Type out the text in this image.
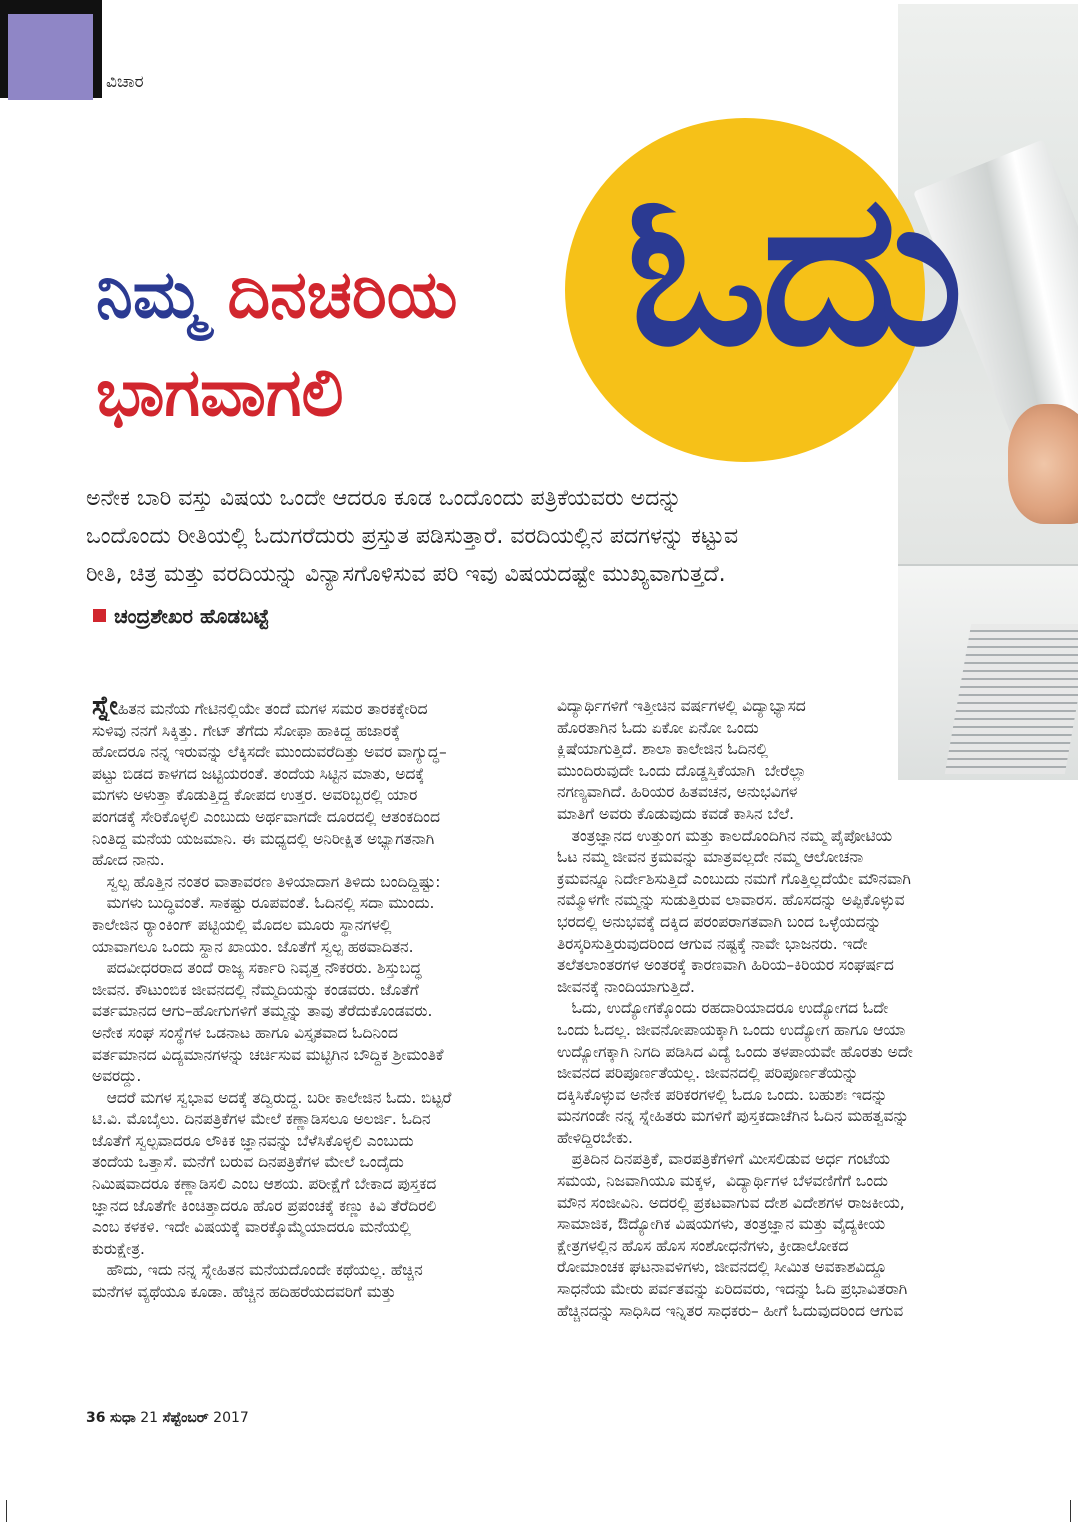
ವಿಚಾರ
ಓದು
ನಿಮ್ಮ ದಿನಚರಿಯ
ಭಾಗವಾಗಲಿ

ಅನೇಕ ಬಾರಿ ವಸ್ತು ವಿಷಯ ಒಂದೇ ಆದರೂ ಕೂಡ ಒಂದೊಂದು ಪತ್ರಿಕೆಯವರು ಅದನ್ನು

ಒಂದೊಂದು ರೀತಿಯಲ್ಲಿ ಓದುಗರೆದುರು ಪ್ರಸ್ತುತ ಪಡಿಸುತ್ತಾರೆ. ವರದಿಯಲ್ಲಿನ ಪದಗಳನ್ನು ಕಟ್ಟುವ

ರೀತಿ, ಚಿತ್ರ ಮತ್ತು ವರದಿಯನ್ನು ವಿನ್ಯಾಸಗೊಳಿಸುವ ಪರಿ ಇವು ವಿಷಯದಷ್ಟೇ ಮುಖ್ಯವಾಗುತ್ತದೆ.

ಚಂದ್ರಶೇಖರ ಹೊಡಬಟ್ಟೆ
ಸ್ನೇಹಿತನ ಮನೆಯ ಗೇಟಿನಲ್ಲಿಯೇ ತಂದೆ ಮಗಳ ಸಮರ ತಾರಕಕ್ಕೇರಿದ
ಸುಳಿವು ನನಗೆ ಸಿಕ್ಕಿತ್ತು. ಗೇಟ್ ತೆಗೆದು ಸೋಫಾ ಹಾಕಿದ್ದ ಹಜಾರಕ್ಕೆ
ಹೋದರೂ ನನ್ನ ಇರುವನ್ನು ಲೆಕ್ಕಿಸದೇ ಮುಂದುವರೆದಿತ್ತು ಅವರ ವಾಗ್ಯುದ್ಧ–
ಪಟ್ಟು ಬಿಡದ ಕಾಳಗದ ಜಟ್ಟಿಯರಂತೆ. ತಂದೆಯ ಸಿಟ್ಟಿನ ಮಾತು, ಅದಕ್ಕೆ
ಮಗಳು ಅಳುತ್ತಾ ಕೊಡುತ್ತಿದ್ದ ಕೋಪದ ಉತ್ತರ. ಅವರಿಬ್ಬರಲ್ಲಿ ಯಾರ
ಪಂಗಡಕ್ಕೆ ಸೇರಿಕೊಳ್ಳಲಿ ಎಂಬುದು ಅರ್ಥವಾಗದೇ ದೂರದಲ್ಲಿ ಆತಂಕದಿಂದ
ನಿಂತಿದ್ದ ಮನೆಯ ಯಜಮಾನಿ. ಈ ಮಧ್ಯದಲ್ಲಿ ಅನಿರೀಕ್ಷಿತ ಅಭ್ಯಾಗತನಾಗಿ
ಹೋದ ನಾನು.
ಸ್ವಲ್ಪ ಹೊತ್ತಿನ ನಂತರ ವಾತಾವರಣ ತಿಳಿಯಾದಾಗ ತಿಳಿದು ಬಂದಿದ್ದಿಷ್ಟು:
ಮಗಳು ಬುದ್ಧಿವಂತೆ. ಸಾಕಷ್ಟು ರೂಪವಂತೆ. ಓದಿನಲ್ಲಿ ಸದಾ ಮುಂದು.
ಕಾಲೇಜಿನ ರ‍್ಯಾಂಕಿಂಗ್ ಪಟ್ಟಿಯಲ್ಲಿ ಮೊದಲ ಮೂರು ಸ್ಥಾನಗಳಲ್ಲಿ
ಯಾವಾಗಲೂ ಒಂದು ಸ್ಥಾನ ಖಾಯಂ. ಜೊತೆಗೆ ಸ್ವಲ್ಪ ಹಠವಾದಿತನ.
ಪದವೀಧರರಾದ ತಂದೆ ರಾಜ್ಯ ಸರ್ಕಾರಿ ನಿವೃತ್ತ ನೌಕರರು. ಶಿಸ್ತುಬದ್ಧ
ಜೀವನ. ಕೌಟುಂಬಿಕ ಜೀವನದಲ್ಲಿ ನೆಮ್ಮದಿಯನ್ನು ಕಂಡವರು. ಜೊತೆಗೆ
ವರ್ತಮಾನದ ಆಗು–ಹೋಗುಗಳಿಗೆ ತಮ್ಮನ್ನು ತಾವು ತೆರೆದುಕೊಂಡವರು.
ಅನೇಕ ಸಂಘ ಸಂಸ್ಥೆಗಳ ಒಡನಾಟ ಹಾಗೂ ವಿಸ್ತೃತವಾದ ಓದಿನಿಂದ
ವರ್ತಮಾನದ ವಿದ್ಯಮಾನಗಳನ್ನು ಚರ್ಚಿಸುವ ಮಟ್ಟಿಗಿನ ಬೌದ್ಧಿಕ ಶ್ರೀಮಂತಿಕೆ
ಅವರದ್ದು.
ಆದರೆ ಮಗಳ ಸ್ವಭಾವ ಅದಕ್ಕೆ ತದ್ವಿರುದ್ಧ. ಬರೀ ಕಾಲೇಜಿನ ಓದು. ಬಿಟ್ಟರೆ
ಟಿ.ವಿ. ಮೊಬೈಲು. ದಿನಪತ್ರಿಕೆಗಳ ಮೇಲೆ ಕಣ್ಣಾಡಿಸಲೂ ಅಲರ್ಜಿ. ಓದಿನ
ಜೊತೆಗೆ ಸ್ವಲ್ಪವಾದರೂ ಲೌಕಿಕ ಜ್ಞಾನವನ್ನು ಬೆಳೆಸಿಕೊಳ್ಳಲಿ ಎಂಬುದು
ತಂದೆಯ ಒತ್ತಾಸೆ. ಮನೆಗೆ ಬರುವ ದಿನಪತ್ರಿಕೆಗಳ ಮೇಲೆ ಒಂದೈದು
ನಿಮಿಷವಾದರೂ ಕಣ್ಣಾಡಿಸಲಿ ಎಂಬ ಆಶಯ. ಪರೀಕ್ಷೆಗೆ ಬೇಕಾದ ಪುಸ್ತಕದ
ಜ್ಞಾನದ ಜೊತೆಗೇ ಕಿಂಚಿತ್ತಾದರೂ ಹೊರ ಪ್ರಪಂಚಕ್ಕೆ ಕಣ್ಣು ಕಿವಿ ತೆರೆದಿರಲಿ
ಎಂಬ ಕಳಕಳಿ. ಇದೇ ವಿಷಯಕ್ಕೆ ವಾರಕ್ಕೊಮ್ಮೆಯಾದರೂ ಮನೆಯಲ್ಲಿ
ಕುರುಕ್ಷೇತ್ರ.
ಹೌದು, ಇದು ನನ್ನ ಸ್ನೇಹಿತನ ಮನೆಯದೊಂದೇ ಕಥೆಯಲ್ಲ. ಹೆಚ್ಚಿನ
ಮನೆಗಳ ವ್ಯಥೆಯೂ ಕೂಡಾ. ಹೆಚ್ಚಿನ ಹದಿಹರೆಯದವರಿಗೆ ಮತ್ತು
ವಿದ್ಯಾರ್ಥಿಗಳಿಗೆ ಇತ್ತೀಚಿನ ವರ್ಷಗಳಲ್ಲಿ ವಿದ್ಯಾಭ್ಯಾಸದ
ಹೊರತಾಗಿನ ಓದು ಏಕೋ ಏನೋ ಒಂದು
ಕ್ಲಿಷೆಯಾಗುತ್ತಿದೆ. ಶಾಲಾ ಕಾಲೇಜಿನ ಓದಿನಲ್ಲಿ
ಮುಂದಿರುವುದೇ ಒಂದು ದೊಡ್ಡಸ್ತಿಕೆಯಾಗಿ  ಬೇರೆಲ್ಲಾ
ನಗಣ್ಯವಾಗಿದೆ. ಹಿರಿಯರ ಹಿತವಚನ, ಅನುಭವಿಗಳ
ಮಾತಿಗೆ ಅವರು ಕೊಡುವುದು ಕವಡೆ ಕಾಸಿನ ಬೆಲೆ.
ತಂತ್ರಜ್ಞಾನದ ಉತ್ತುಂಗ ಮತ್ತು ಕಾಲದೊಂದಿಗಿನ ನಮ್ಮ ಪೈಪೋಟಿಯ
ಓಟ ನಮ್ಮ ಜೀವನ ಕ್ರಮವನ್ನು ಮಾತ್ರವಲ್ಲದೇ ನಮ್ಮ ಆಲೋಚನಾ
ಕ್ರಮವನ್ನೂ ನಿರ್ದೇಶಿಸುತ್ತಿದೆ ಎಂಬುದು ನಮಗೆ ಗೊತ್ತಿಲ್ಲದೆಯೇ ಮೌನವಾಗಿ
ನಮ್ಮೊಳಗೇ ನಮ್ಮನ್ನು ಸುಡುತ್ತಿರುವ ಲಾವಾರಸ. ಹೊಸದನ್ನು ಅಪ್ಪಿಕೊಳ್ಳುವ
ಭರದಲ್ಲಿ ಅನುಭವಕ್ಕೆ ದಕ್ಕಿದ ಪರಂಪರಾಗತವಾಗಿ ಬಂದ ಒಳ್ಳೆಯದನ್ನು
ತಿರಸ್ಕರಿಸುತ್ತಿರುವುದರಿಂದ ಆಗುವ ನಷ್ಟಕ್ಕೆ ನಾವೇ ಭಾಜನರು. ಇದೇ
ತಲೆತಲಾಂತರಗಳ ಅಂತರಕ್ಕೆ ಕಾರಣವಾಗಿ ಹಿರಿಯ–ಕಿರಿಯರ ಸಂಘರ್ಷದ
ಜೀವನಕ್ಕೆ ನಾಂದಿಯಾಗುತ್ತಿದೆ.
ಓದು, ಉದ್ಯೋಗಕ್ಕೊಂದು ರಹದಾರಿಯಾದರೂ ಉದ್ಯೋಗದ ಓದೇ
ಒಂದು ಓದಲ್ಲ. ಜೀವನೋಪಾಯಕ್ಕಾಗಿ ಒಂದು ಉದ್ಯೋಗ ಹಾಗೂ ಆಯಾ
ಉದ್ಯೋಗಕ್ಕಾಗಿ ನಿಗದಿ ಪಡಿಸಿದ ವಿದ್ಯೆ ಒಂದು ತಳಪಾಯವೇ ಹೊರತು ಅದೇ
ಜೀವನದ ಪರಿಪೂರ್ಣತೆಯಲ್ಲ. ಜೀವನದಲ್ಲಿ ಪರಿಪೂರ್ಣತೆಯನ್ನು
ದಕ್ಕಿಸಿಕೊಳ್ಳುವ ಅನೇಕ ಪರಿಕರಗಳಲ್ಲಿ ಓದೂ ಒಂದು. ಬಹುಶಃ ಇದನ್ನು
ಮನಗಂಡೇ ನನ್ನ ಸ್ನೇಹಿತರು ಮಗಳಿಗೆ ಪುಸ್ತಕದಾಚೆಗಿನ ಓದಿನ ಮಹತ್ವವನ್ನು
ಹೇಳಿದ್ದಿರಬೇಕು.
ಪ್ರತಿದಿನ ದಿನಪತ್ರಿಕೆ, ವಾರಪತ್ರಿಕೆಗಳಿಗೆ ಮೀಸಲಿಡುವ ಅರ್ಧ ಗಂಟೆಯ
ಸಮಯ, ನಿಜವಾಗಿಯೂ ಮಕ್ಕಳ,  ವಿದ್ಯಾರ್ಥಿಗಳ ಬೆಳವಣಿಗೆಗೆ ಒಂದು
ಮೌನ ಸಂಜೀವಿನಿ. ಅದರಲ್ಲಿ ಪ್ರಕಟವಾಗುವ ದೇಶ ವಿದೇಶಗಳ ರಾಜಕೀಯ,
ಸಾಮಾಜಿಕ, ಔದ್ಯೋಗಿಕ ವಿಷಯಗಳು, ತಂತ್ರಜ್ಞಾನ ಮತ್ತು ವೈದ್ಯಕೀಯ
ಕ್ಷೇತ್ರಗಳಲ್ಲಿನ ಹೊಸ ಹೊಸ ಸಂಶೋಧನೆಗಳು, ಕ್ರೀಡಾಲೋಕದ
ರೋಮಾಂಚಕ ಘಟನಾವಳಿಗಳು, ಜೀವನದಲ್ಲಿ ಸೀಮಿತ ಅವಕಾಶವಿದ್ದೂ
ಸಾಧನೆಯ ಮೇರು ಪರ್ವತವನ್ನು ಏರಿದವರು, ಇದನ್ನು ಓದಿ ಪ್ರಭಾವಿತರಾಗಿ
ಹೆಚ್ಚಿನದನ್ನು ಸಾಧಿಸಿದ ಇನ್ನಿತರ ಸಾಧಕರು– ಹೀಗೆ ಓದುವುದರಿಂದ ಆಗುವ
36 ಸುಧಾ 21 ಸೆಪ್ಟೆಂಬರ್ 2017
